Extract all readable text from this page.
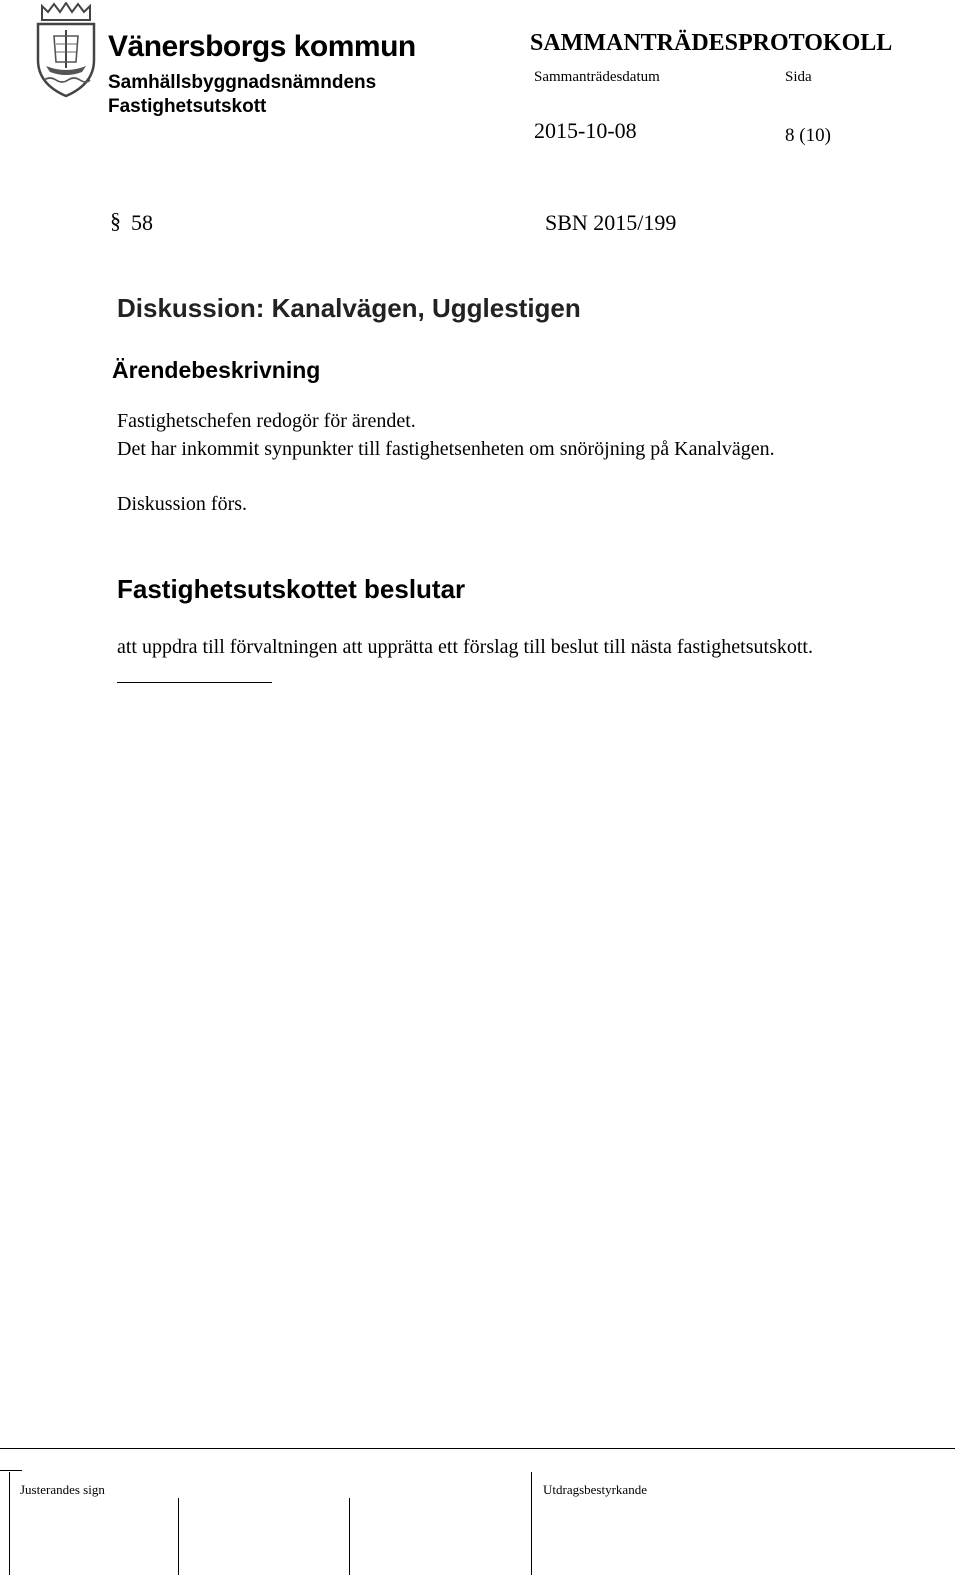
Vänersborgs kommun
Samhällsbyggnadsnämndens
Fastighetsutskott
SAMMANTRÄDESPROTOKOLL
Sammanträdesdatum	Sida
2015-10-08	8 (10)
§ 58	SBN 2015/199
Diskussion: Kanalvägen, Ugglestigen
Ärendebeskrivning
Fastighetschefen redogör för ärendet.
Det har inkommit synpunkter till fastighetsenheten om snöröjning på Kanalvägen.
Diskussion förs.
Fastighetsutskottet beslutar
att uppdra till förvaltningen att upprätta ett förslag till beslut till nästa fastighetsutskott.
Justerandes sign	Utdragsbestyrkande
